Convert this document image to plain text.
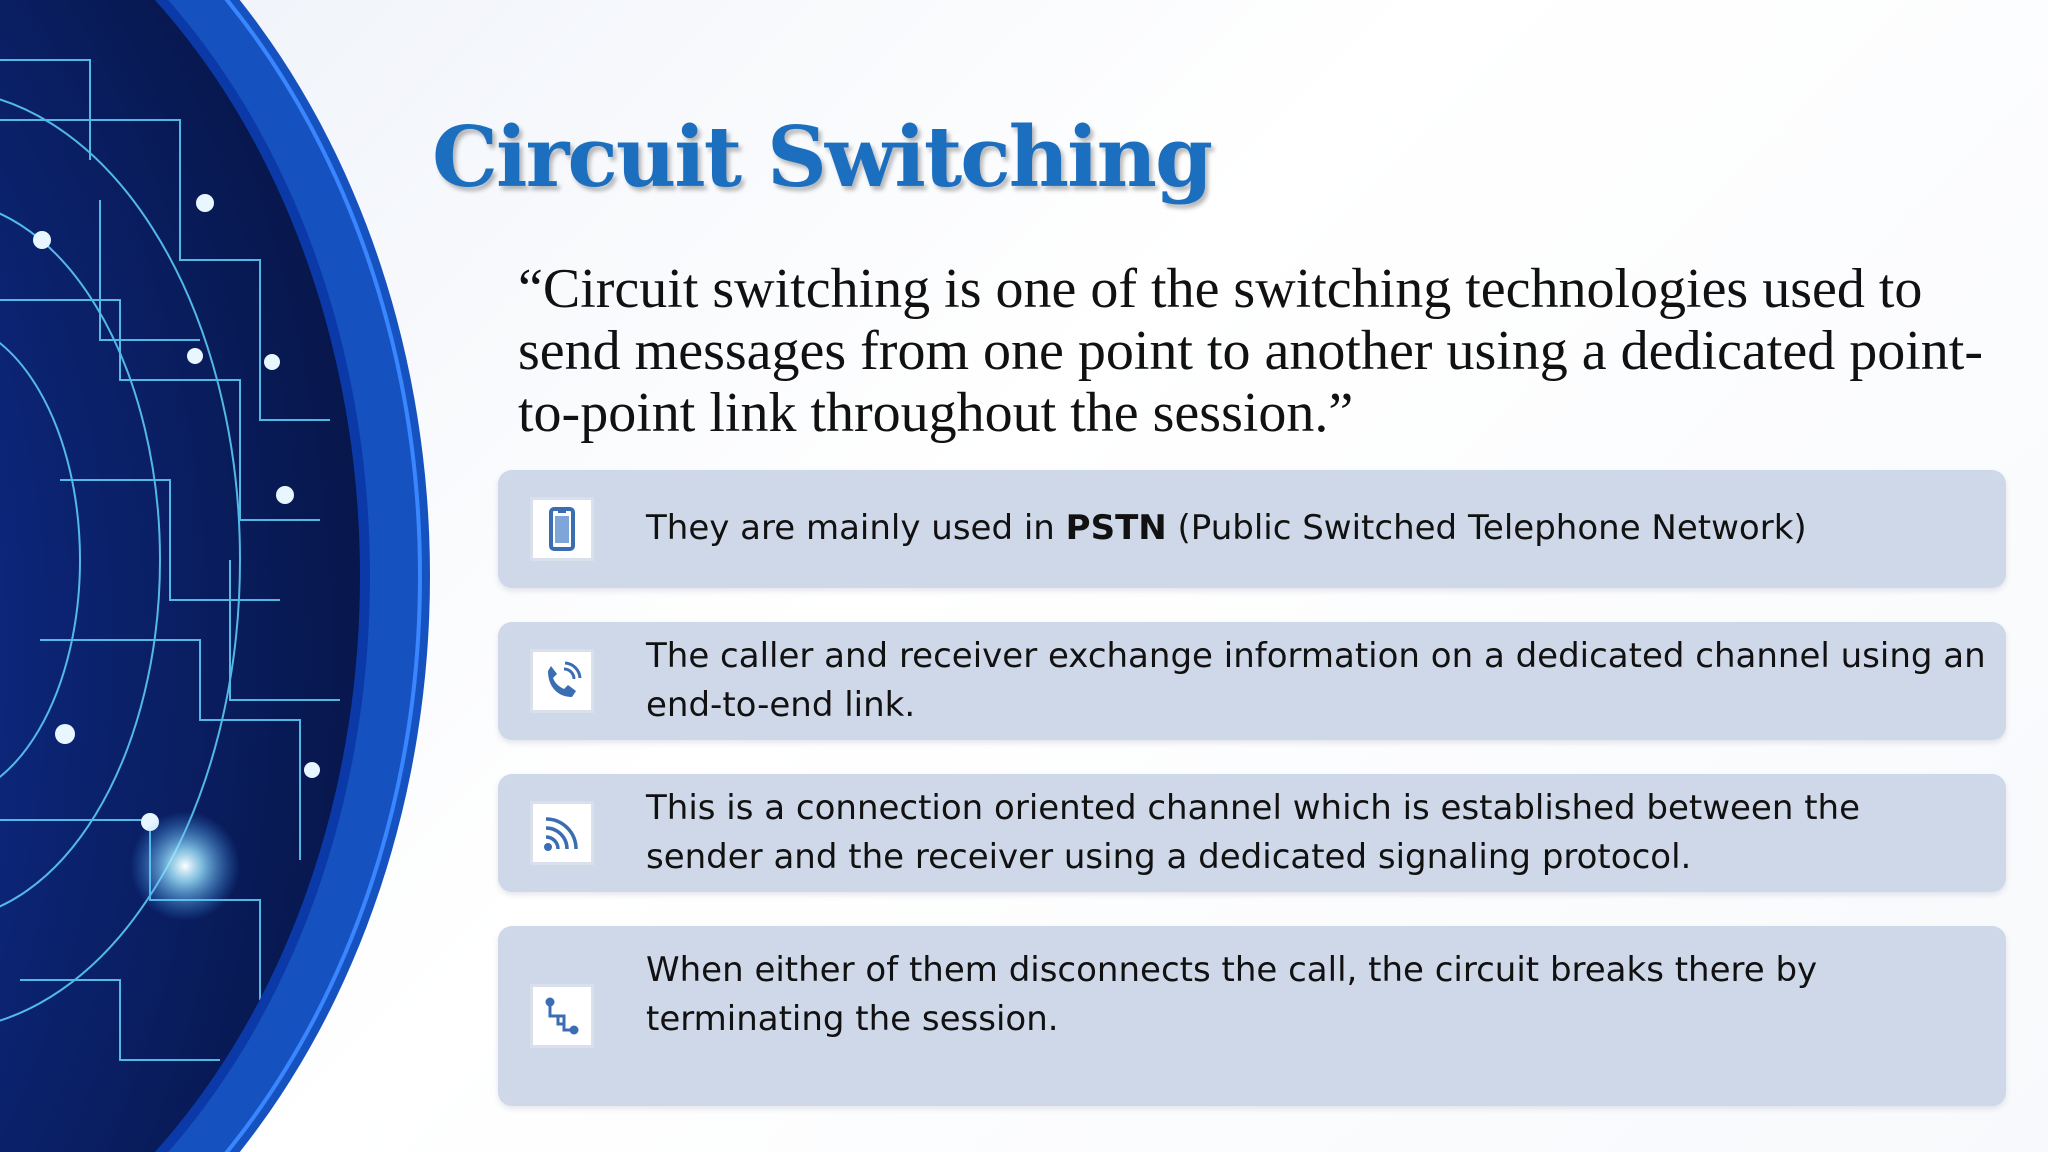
Circuit Switching

“Circuit switching is one of the switching technologies used to send messages from one point to another using a dedicated point-to-point link throughout the session.”

They are mainly used in PSTN (Public Switched Telephone Network)

The caller and receiver exchange information on a dedicated channel using an end-to-end link.

This is a connection oriented channel which is established between the sender and the receiver using a dedicated signaling protocol.

When either of them disconnects the call, the circuit breaks there by terminating the session.
